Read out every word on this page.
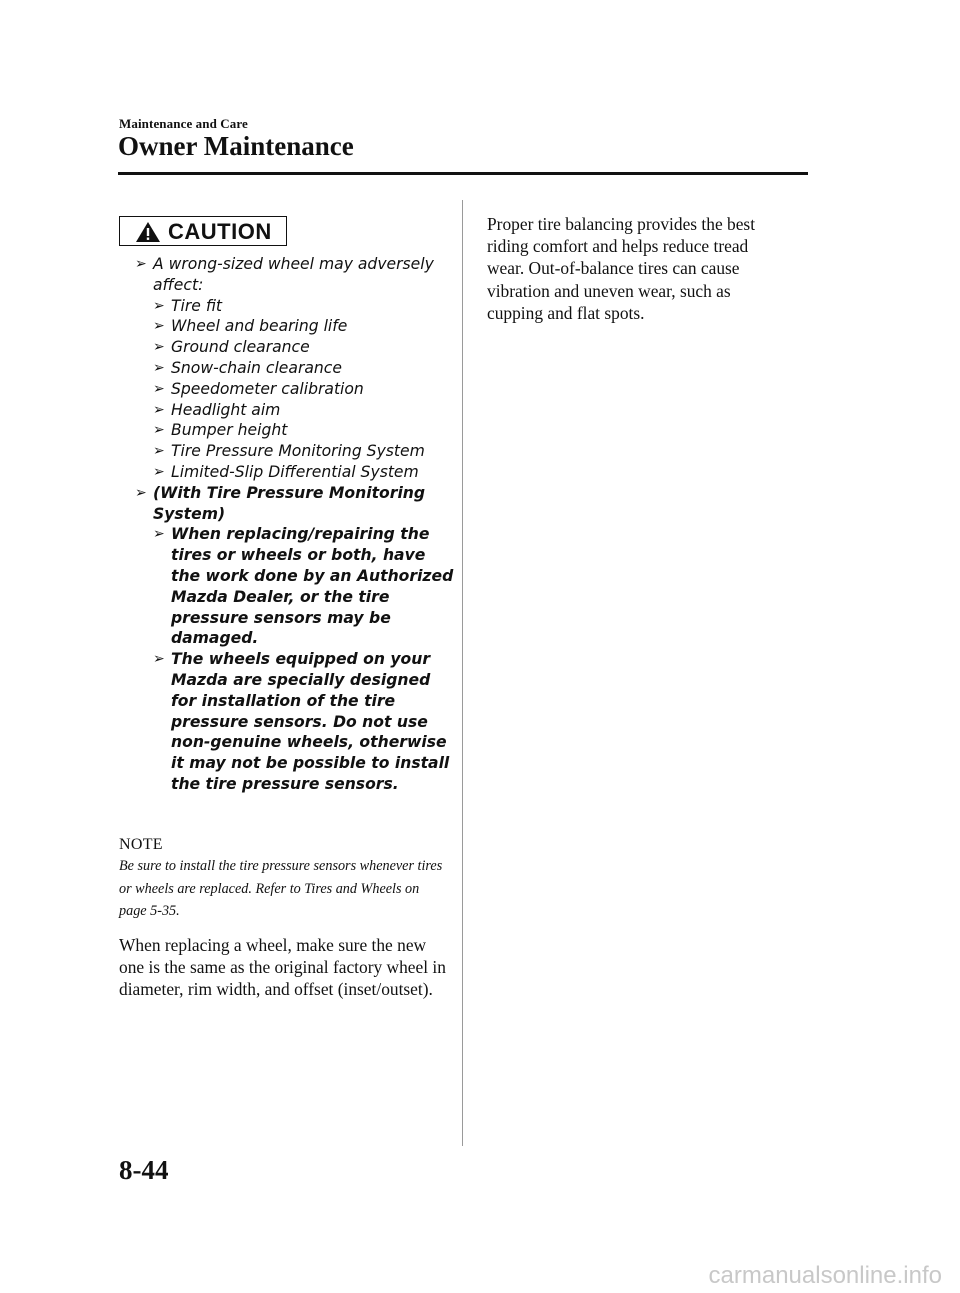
Maintenance and Care
Owner Maintenance
CAUTION
➢ A wrong-sized wheel may adversely affect:
➢ Tire fit
➢ Wheel and bearing life
➢ Ground clearance
➢ Snow-chain clearance
➢ Speedometer calibration
➢ Headlight aim
➢ Bumper height
➢ Tire Pressure Monitoring System
➢ Limited-Slip Differential System
➢ (With Tire Pressure Monitoring System)
➢ When replacing/repairing the tires or wheels or both, have the work done by an Authorized Mazda Dealer, or the tire pressure sensors may be damaged.
➢ The wheels equipped on your Mazda are specially designed for installation of the tire pressure sensors. Do not use non-genuine wheels, otherwise it may not be possible to install the tire pressure sensors.
NOTE
Be sure to install the tire pressure sensors whenever tires or wheels are replaced. Refer to Tires and Wheels on page 5-35.
When replacing a wheel, make sure the new one is the same as the original factory wheel in diameter, rim width, and offset (inset/outset).
Proper tire balancing provides the best riding comfort and helps reduce tread wear. Out-of-balance tires can cause vibration and uneven wear, such as cupping and flat spots.
8-44
carmanualsonline.info
